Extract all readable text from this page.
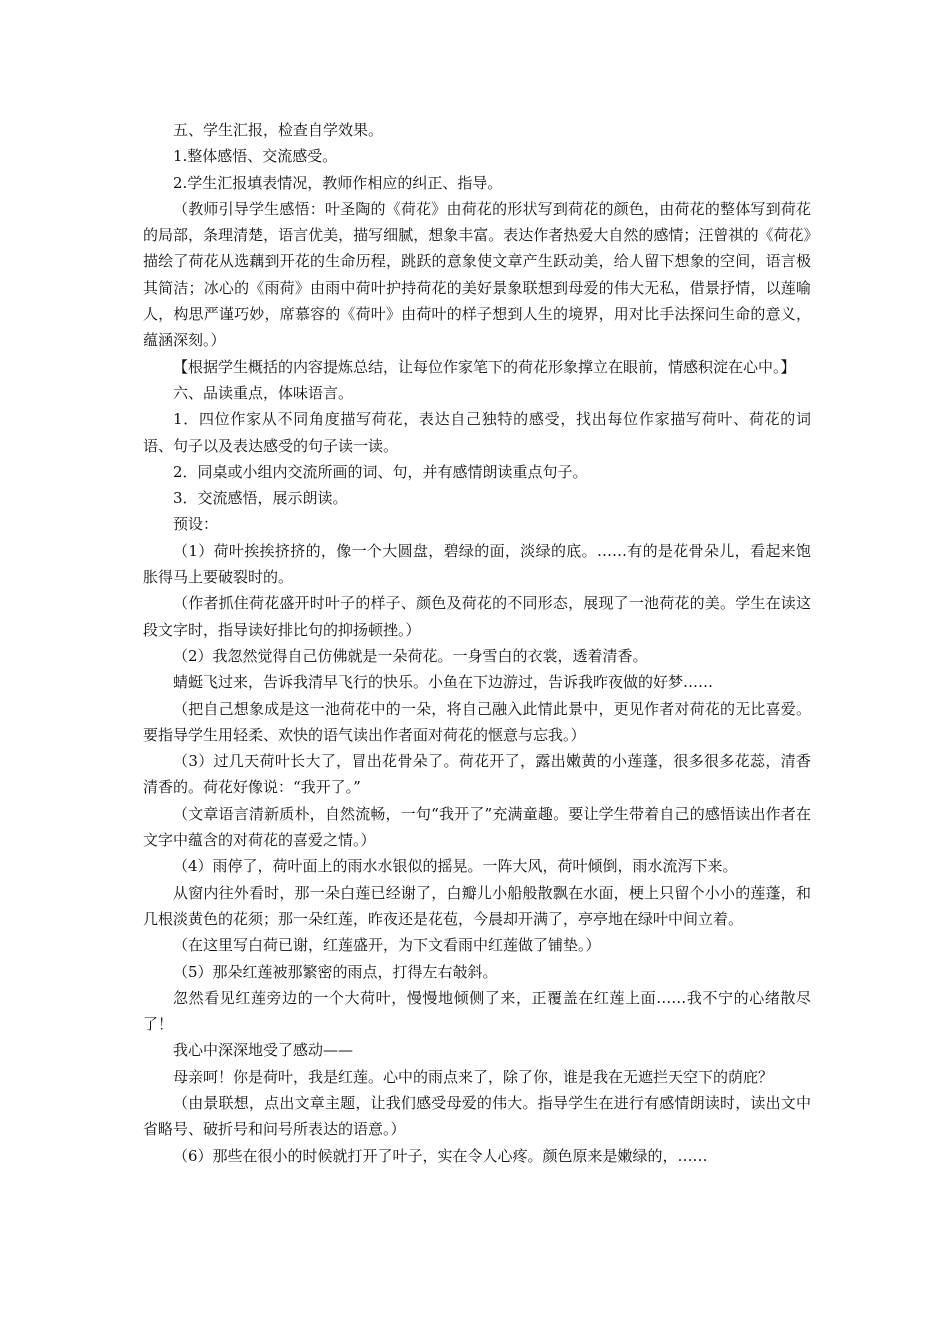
五、学生汇报，检查自学效果。

1.整体感悟、交流感受。

2.学生汇报填表情况，教师作相应的纠正、指导。

（教师引导学生感悟：叶圣陶的《荷花》由荷花的形状写到荷花的颜色，由荷花的整体写到荷花的局部，条理清楚，语言优美，描写细腻，想象丰富。表达作者热爱大自然的感情；汪曾祺的《荷花》描绘了荷花从选藕到开花的生命历程，跳跃的意象使文章产生跃动美，给人留下想象的空间，语言极其简洁；冰心的《雨荷》由雨中荷叶护持荷花的美好景象联想到母爱的伟大无私，借景抒情，以莲喻人，构思严谨巧妙，席慕容的《荷叶》由荷叶的样子想到人生的境界，用对比手法探问生命的意义，蕴涵深刻。）

【根据学生概括的内容提炼总结，让每位作家笔下的荷花形象撑立在眼前，情感积淀在心中。】

六、品读重点，体味语言。

1．四位作家从不同角度描写荷花，表达自己独特的感受，找出每位作家描写荷叶、荷花的词语、句子以及表达感受的句子读一读。

2．同桌或小组内交流所画的词、句，并有感情朗读重点句子。

3．交流感悟，展示朗读。

预设：

（1）荷叶挨挨挤挤的，像一个大圆盘，碧绿的面，淡绿的底。……有的是花骨朵儿，看起来饱胀得马上要破裂时的。

（作者抓住荷花盛开时叶子的样子、颜色及荷花的不同形态，展现了一池荷花的美。学生在读这段文字时，指导读好排比句的抑扬顿挫。）

（2）我忽然觉得自己仿佛就是一朵荷花。一身雪白的衣裳，透着清香。

蜻蜓飞过来，告诉我清早飞行的快乐。小鱼在下边游过，告诉我昨夜做的好梦……

（把自己想象成是这一池荷花中的一朵，将自己融入此情此景中，更见作者对荷花的无比喜爱。要指导学生用轻柔、欢快的语气读出作者面对荷花的惬意与忘我。）

（3）过几天荷叶长大了，冒出花骨朵了。荷花开了，露出嫩黄的小莲蓬，很多很多花蕊，清香清香的。荷花好像说：“我开了。”

（文章语言清新质朴，自然流畅，一句“我开了”充满童趣。要让学生带着自己的感悟读出作者在文字中蕴含的对荷花的喜爱之情。）

（4）雨停了，荷叶面上的雨水水银似的摇晃。一阵大风，荷叶倾倒，雨水流泻下来。

从窗内往外看时，那一朵白莲已经谢了，白瓣儿小船般散飘在水面，梗上只留个小小的莲蓬，和几根淡黄色的花须；那一朵红莲，昨夜还是花苞，今晨却开满了，亭亭地在绿叶中间立着。

（在这里写白荷已谢，红莲盛开，为下文看雨中红莲做了铺垫。）

（5）那朵红莲被那繁密的雨点，打得左右攲斜。

忽然看见红莲旁边的一个大荷叶，慢慢地倾侧了来，正覆盖在红莲上面……我不宁的心绪散尽了！

我心中深深地受了感动——

母亲呵！你是荷叶，我是红莲。心中的雨点来了，除了你，谁是我在无遮拦天空下的荫庇？

（由景联想，点出文章主题，让我们感受母爱的伟大。指导学生在进行有感情朗读时，读出文中省略号、破折号和问号所表达的语意。）

（6）那些在很小的时候就打开了叶子，实在令人心疼。颜色原来是嫩绿的，……
